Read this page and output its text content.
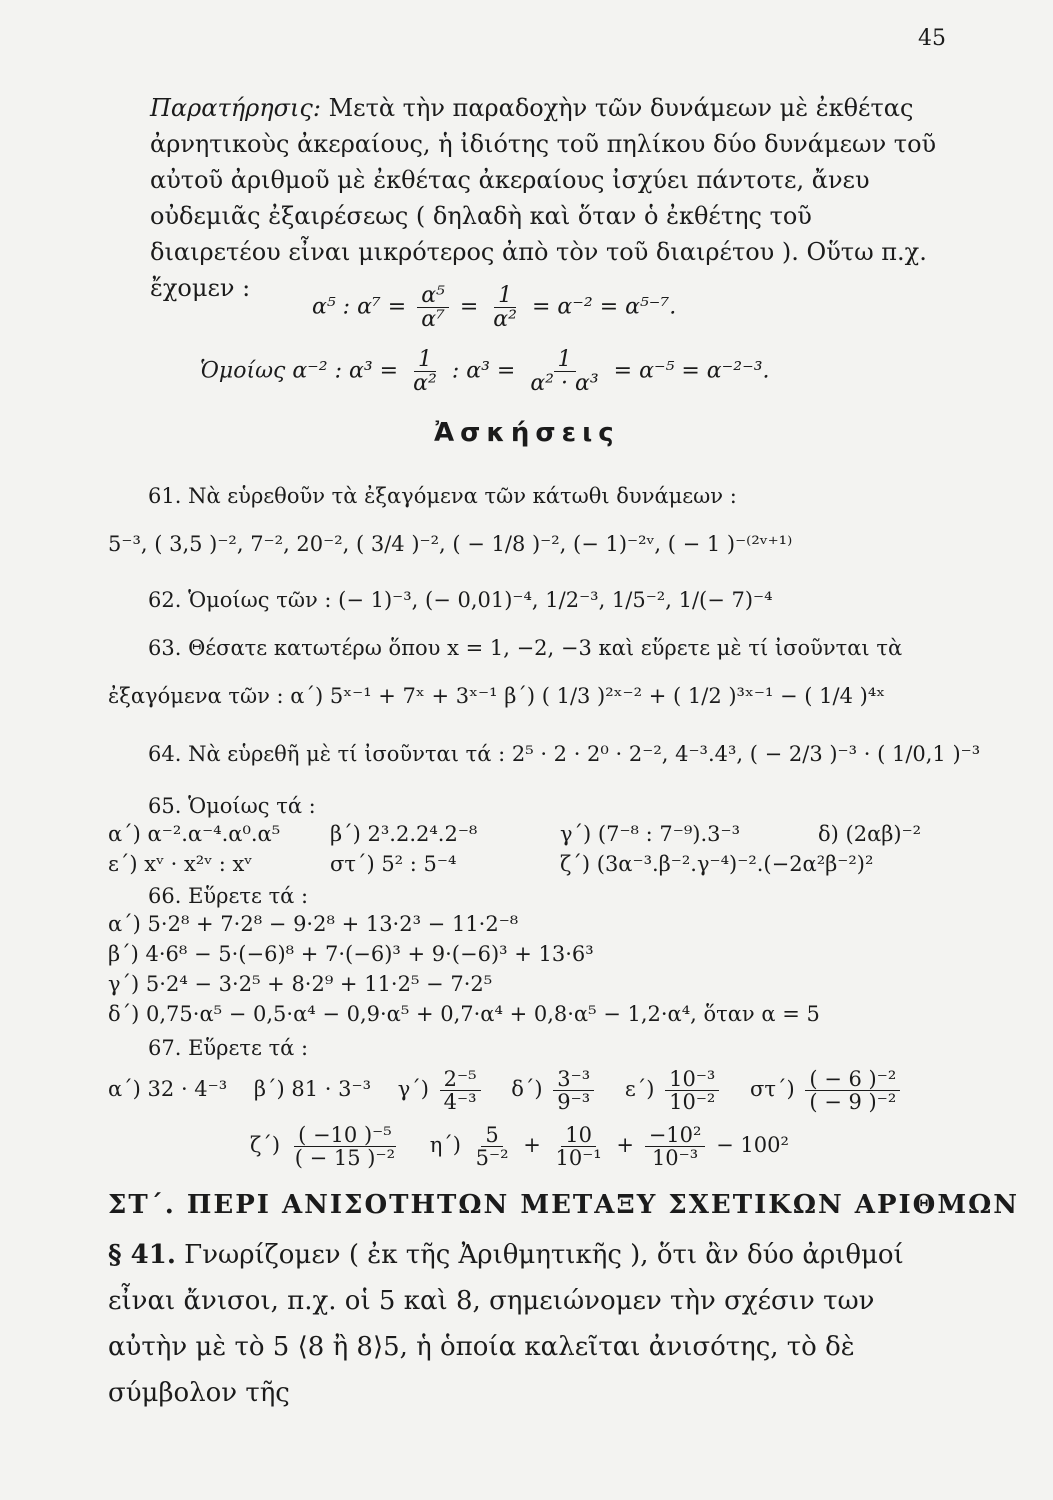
45

Παρατήρησις: Μετὰ τὴν παραδοχὴν τῶν δυνάμεων μὲ ἐκθέτας ἀρνητικοὺς ἀκεραίους, ἡ ἰδιότης τοῦ πηλίκου δύο δυνάμεων τοῦ αὐτοῦ ἀριθμοῦ μὲ ἐκθέτας ἀκεραίους ἰσχύει πάντοτε, ἄνευ οὐδεμιᾶς ἐξαιρέσεως ( δηλαδὴ καὶ ὅταν ὁ ἐκθέτης τοῦ διαιρετέου εἶναι μικρότερος ἀπὸ τὸν τοῦ διαιρέτου ). Οὕτω π.χ. ἔχομεν :

α⁵ : $\alpha^7 = \frac{\text{α⁵}}{\text{α⁷}} = \frac{1}{\text{α²}} = \alpha^{-2} = \alpha^{5-7}$.
Ὁμοίως α⁻² : $\alpha^3 = \frac{1}{\text{α²}}$ : $\alpha^3 = \frac{1}{\text{α² · α³}} = \alpha^{-5} = \alpha^{-2-3}$.
Ἀσκήσεις
61. Νὰ εὑρεθοῦν τὰ ἐξαγόμενα τῶν κάτωθι δυνάμεων :
5⁻³, ( 3,5 )⁻², 7⁻², 20⁻², ( 3/4 )⁻², ( − 1/8 )⁻², (− 1)⁻²ᵛ, ( − 1 )⁻⁽²ᵛ⁺¹⁾
62. Ὁμοίως τῶν : (− 1)⁻³, (− 0,01)⁻⁴, 1/2⁻³, 1/5⁻², 1/(− 7)⁻⁴
63. Θέσατε κατωτέρω ὅπου x = 1, −2, −3 καὶ εὕρετε μὲ τί ἰσοῦνται τὰ
ἐξαγόμενα τῶν : α΄) 5ˣ⁻¹ + 7ˣ + 3ˣ⁻¹ β΄) ( 1/3 )²ˣ⁻² + ( 1/2 )³ˣ⁻¹ − ( 1/4 )⁴ˣ
64. Νὰ εὑρεθῆ μὲ τί ἰσοῦνται τά : 2⁵ · 2 · 2⁰ · 2⁻², 4⁻³.4³, ( − 2/3 )⁻³ · ( 1/0,1 )⁻³
65. Ὁμοίως τά :
α΄) α⁻².α⁻⁴.α⁰.α⁵ β΄) 2³.2.2⁴.2⁻⁸	γ΄) (7⁻⁸ : 7⁻⁹).3⁻³	δ) (2αβ)⁻²
ε΄) xᵛ · x²ᵛ : xᵛ	στ΄) 5² : 5⁻⁴	ζ΄) (3α⁻³.β⁻².γ⁻⁴)⁻².(−2α²β⁻²)²
66. Εὕρετε τά :
α΄) 5·2⁸ + 7·2⁸ − 9·2⁸ + 13·2³ − 11·2⁻⁸
β΄) 4·6⁸ − 5·(−6)⁸ + 7·(−6)³ + 9·(−6)³ + 13·6³
γ΄) 5·2⁴ − 3·2⁵ + 8·2⁹ + 11·2⁵ − 7·2⁵
δ΄) 0,75·α⁵ − 0,5·α⁴ − 0,9·α⁵ + 0,7·α⁴ + 0,8·α⁵ − 1,2·α⁴, ὅταν α = 5
67. Εὕρετε τά :
α΄) 32 · 4⁻³ β΄) 81 · 3⁻³ $\gamma΄) \frac{\text{2⁻⁵}}{\text{4⁻³}} \delta΄) \frac{\text{3⁻³}}{\text{9⁻³}} \varepsilon΄) \frac{\text{10⁻³}}{\text{10⁻²}} \sigma\tau΄) \frac{\text{( − 6 )⁻²}}{\text{( − 9 )⁻²}}$
$\zeta΄) \frac{\text{( −10 )⁻⁵}}{\text{( − 15 )⁻²}} \eta΄) \frac{5}{\text{5⁻²}} + \frac{10}{\text{10⁻¹}} + \frac{\text{−10²}}{\text{10⁻³}} - 100^2$
ΣΤ΄. ΠΕΡΙ ΑΝΙΣΟΤΗΤΩΝ ΜΕΤΑΞΥ ΣΧΕΤΙΚΩΝ ΑΡΙΘΜΩΝ

§ 41. Γνωρίζομεν ( ἐκ τῆς Ἀριθμητικῆς ), ὅτι ἂν δύο ἀριθμοί εἶναι ἄνισοι, π.χ. οἱ 5 καὶ 8, σημειώνομεν τὴν σχέσιν των αὐτὴν μὲ τὸ 5 ⟨8 ἢ 8⟩5, ἡ ὁποία καλεῖται ἀνισότης, τὸ δὲ σύμβολον τῆς
